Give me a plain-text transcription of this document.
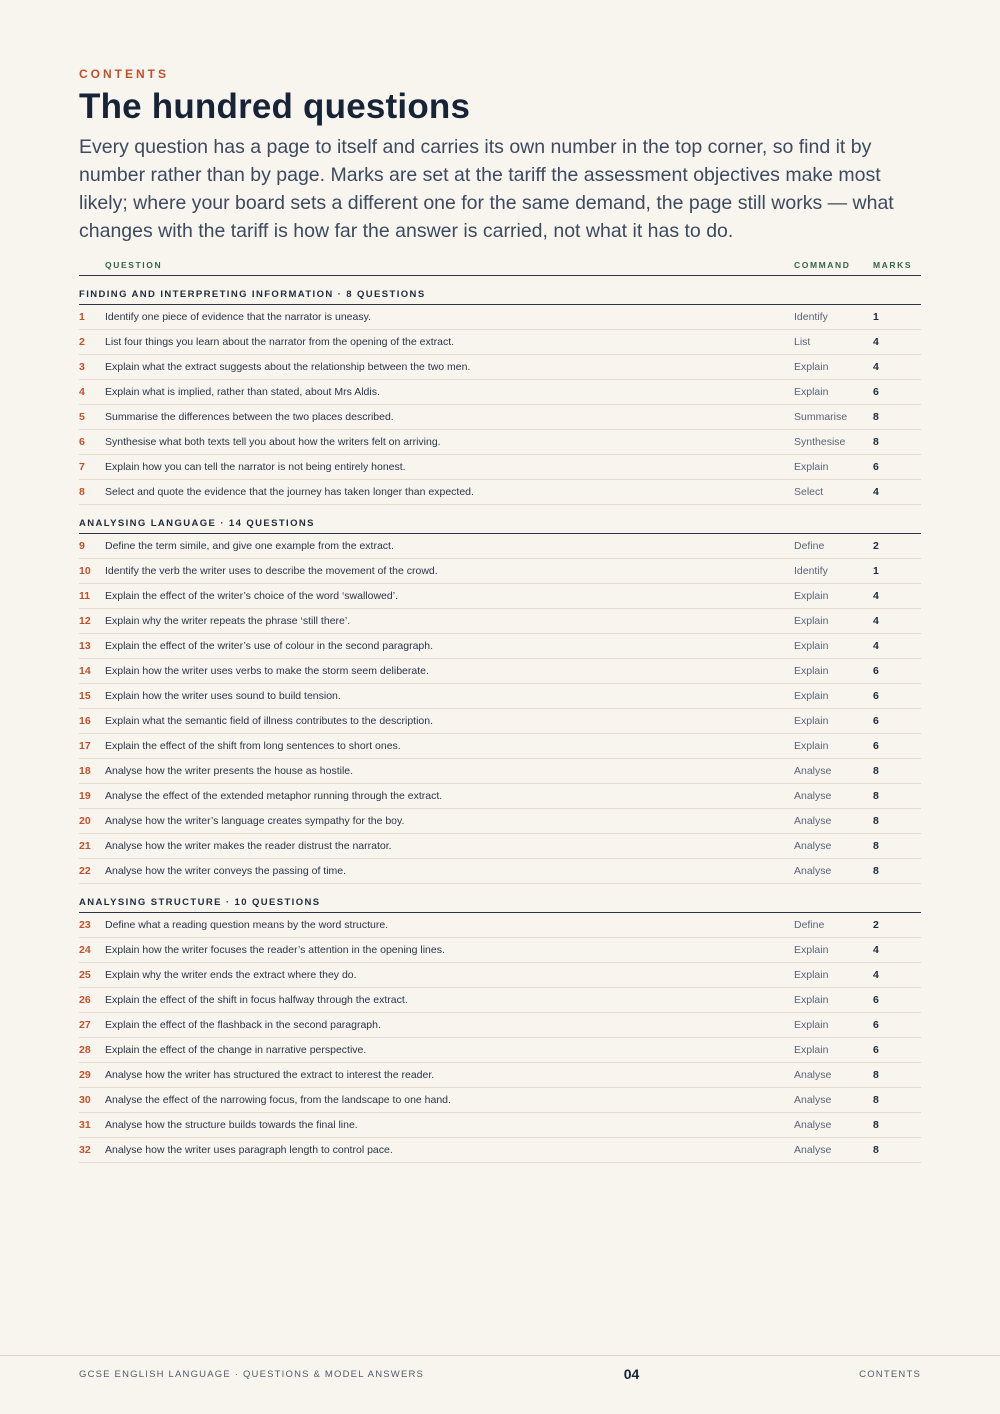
CONTENTS
The hundred questions

Every question has a page to itself and carries its own number in the top corner, so find it by number rather than by page. Marks are set at the tariff the assessment objectives make most likely; where your board sets a different one for the same demand, the page still works — what changes with the tariff is how far the answer is carried, not what it has to do.

QUESTION	COMMAND	MARKS
FINDING AND INTERPRETING INFORMATION · 8 QUESTIONS
1 Identify one piece of evidence that the narrator is uneasy.	Identify	1
2 List four things you learn about the narrator from the opening of the extract.	List	4
3 Explain what the extract suggests about the relationship between the two men.	Explain	4
4 Explain what is implied, rather than stated, about Mrs Aldis.	Explain	6
5 Summarise the differences between the two places described.	Summarise 8
6 Synthesise what both texts tell you about how the writers felt on arriving.	Synthesise	8
7 Explain how you can tell the narrator is not being entirely honest.	Explain	6
8 Select and quote the evidence that the journey has taken longer than expected.	Select	4
ANALYSING LANGUAGE · 14 QUESTIONS
9 Define the term simile, and give one example from the extract.	Define	2
10 Identify the verb the writer uses to describe the movement of the crowd.	Identify	1
11 Explain the effect of the writer’s choice of the word ‘swallowed’.	Explain	4
12 Explain why the writer repeats the phrase ‘still there’.	Explain	4
13 Explain the effect of the writer’s use of colour in the second paragraph.	Explain	4
14 Explain how the writer uses verbs to make the storm seem deliberate.	Explain	6
15 Explain how the writer uses sound to build tension.	Explain	6
16 Explain what the semantic field of illness contributes to the description.	Explain	6
17 Explain the effect of the shift from long sentences to short ones.	Explain	6
18 Analyse how the writer presents the house as hostile.	Analyse	8
19 Analyse the effect of the extended metaphor running through the extract.	Analyse	8
20 Analyse how the writer’s language creates sympathy for the boy.	Analyse	8
21 Analyse how the writer makes the reader distrust the narrator.	Analyse	8
22 Analyse how the writer conveys the passing of time.	Analyse	8
ANALYSING STRUCTURE · 10 QUESTIONS
23 Define what a reading question means by the word structure.	Define	2
24 Explain how the writer focuses the reader’s attention in the opening lines.	Explain	4
25 Explain why the writer ends the extract where they do.	Explain	4
26 Explain the effect of the shift in focus halfway through the extract.	Explain	6
27 Explain the effect of the flashback in the second paragraph.	Explain	6
28 Explain the effect of the change in narrative perspective.	Explain	6
29 Analyse how the writer has structured the extract to interest the reader.	Analyse	8
30 Analyse the effect of the narrowing focus, from the landscape to one hand.	Analyse	8
31 Analyse how the structure builds towards the final line.	Analyse	8
32 Analyse how the writer uses paragraph length to control pace.	Analyse	8
GCSE ENGLISH LANGUAGE · QUESTIONS & MODEL ANSWERS	04	CONTENTS
